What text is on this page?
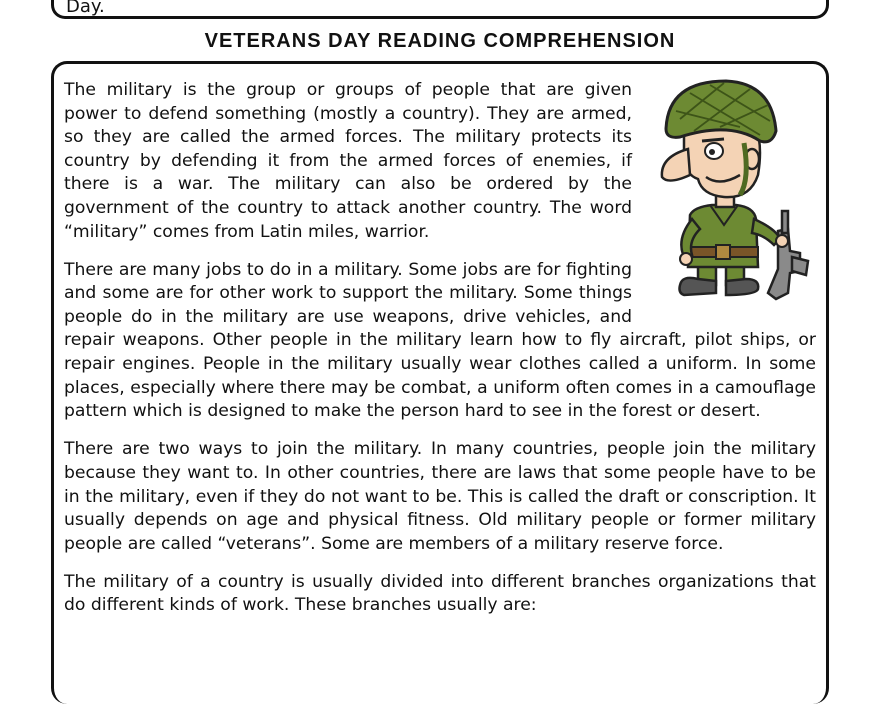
Day.
VETERANS DAY READING COMPREHENSION

The military is the group or groups of people that are given power to defend something (mostly a country). They are armed, so they are called the armed forces. The military protects its country by defending it from the armed forces of enemies, if there is a war. The military can also be ordered by the government of the country to attack another country. The word “military” comes from Latin miles, warrior.

There are many jobs to do in a military. Some jobs are for fighting and some are for other work to support the military. Some things people do in the military are use weapons, drive vehicles, and repair weapons. Other people in the military learn how to fly aircraft, pilot ships, or repair engines. People in the military usually wear clothes called a uniform. In some places, especially where there may be combat, a uniform often comes in a camouflage pattern which is designed to make the person hard to see in the forest or desert.

There are two ways to join the military. In many countries, people join the military because they want to. In other countries, there are laws that some people have to be in the military, even if they do not want to be. This is called the draft or conscription. It usually depends on age and physical fitness. Old military people or former military people are called “veterans”. Some are members of a military reserve force.

The military of a country is usually divided into different branches organizations that do different kinds of work. These branches usually are:
